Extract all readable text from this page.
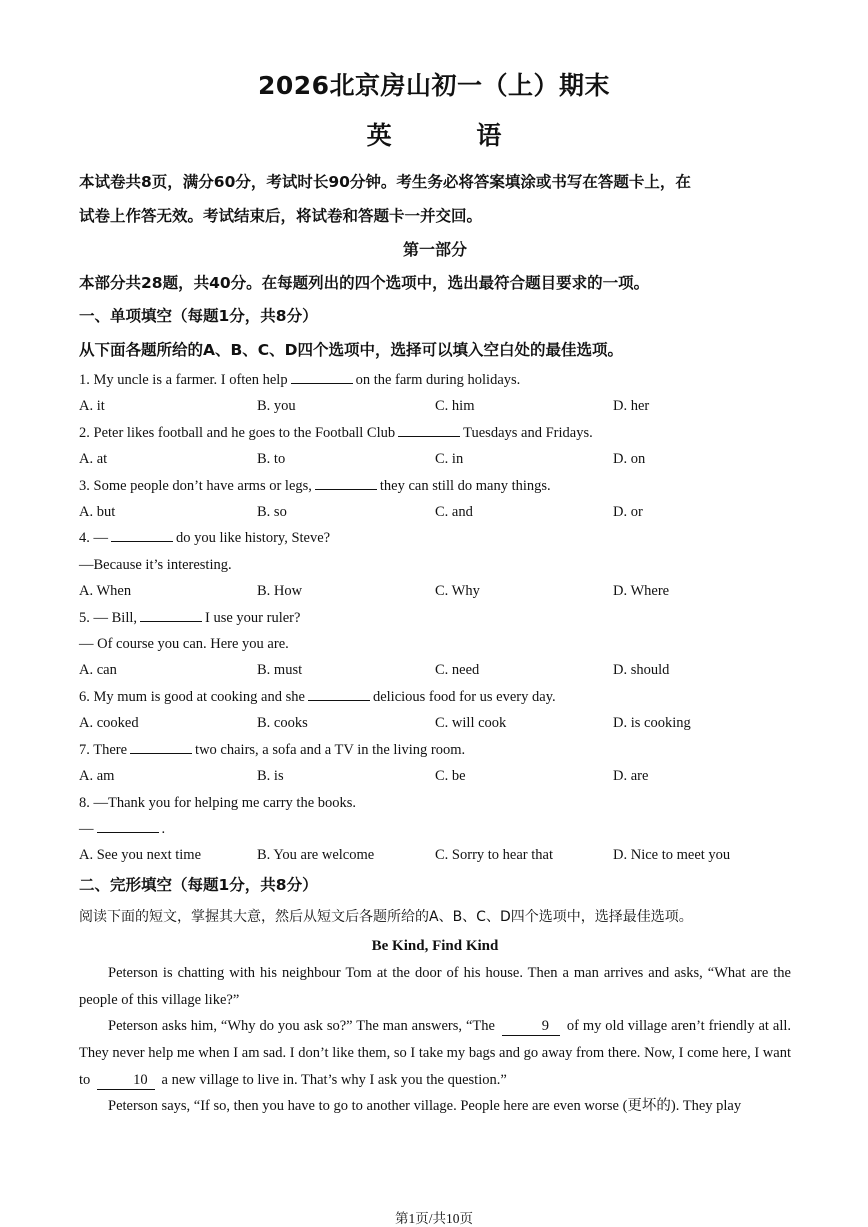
2026北京房山初一（上）期末
英 语
本试卷共8页，满分60分，考试时长90分钟。考生务必将答案填涂或书写在答题卡上，在
试卷上作答无效。考试结束后，将试卷和答题卡一并交回。
第一部分
本部分共28题，共40分。在每题列出的四个选项中，选出最符合题目要求的一项。
一、单项填空（每题1分，共8分）
从下面各题所给的A、B、C、D四个选项中，选择可以填入空白处的最佳选项。
1. My uncle is a farmer. I often help	on the farm during holidays.
A. it	B. you	C. him	D. her
2. Peter likes football and he goes to the Football Club	Tuesdays and Fridays.
A. at	B. to	C. in	D. on
3. Some people don’t have arms or legs,	they can still do many things.
A. but	B. so	C. and	D. or
4. —	do you like history, Steve?
—Because it’s interesting.
A. When	B. How	C. Why	D. Where
5. — Bill,	I use your ruler?
— Of course you can. Here you are.
A. can	B. must	C. need	D. should
6. My mum is good at cooking and she	delicious food for us every day.
A. cooked	B. cooks	C. will cook	D. is cooking
7. There	two chairs, a sofa and a TV in the living room.
A. am	B. is	C. be	D. are
8. —Thank you for helping me carry the books.
—	.
A. See you next time	B. You are welcome	C. Sorry to hear that	D. Nice to meet you
二、完形填空（每题1分，共8分）
阅读下面的短文，掌握其大意，然后从短文后各题所给的A、B、C、D四个选项中，选择最佳选项。
Be Kind, Find Kind

Peterson is chatting with his neighbour Tom at the door of his house. Then a man arrives and asks, “What are the people of this village like?”

Peterson asks him, “Why do you ask so?” The man answers, “The	9 of my old village aren’t friendly at all. They never help me when I am sad. I don’t like them, so I take my bags and go away from there. Now, I come here, I want to	10 a new village to live in. That’s why I ask you the question.”

Peterson says, “If so, then you have to go to another village. People here are even worse (更坏的). They play

第1页/共10页
